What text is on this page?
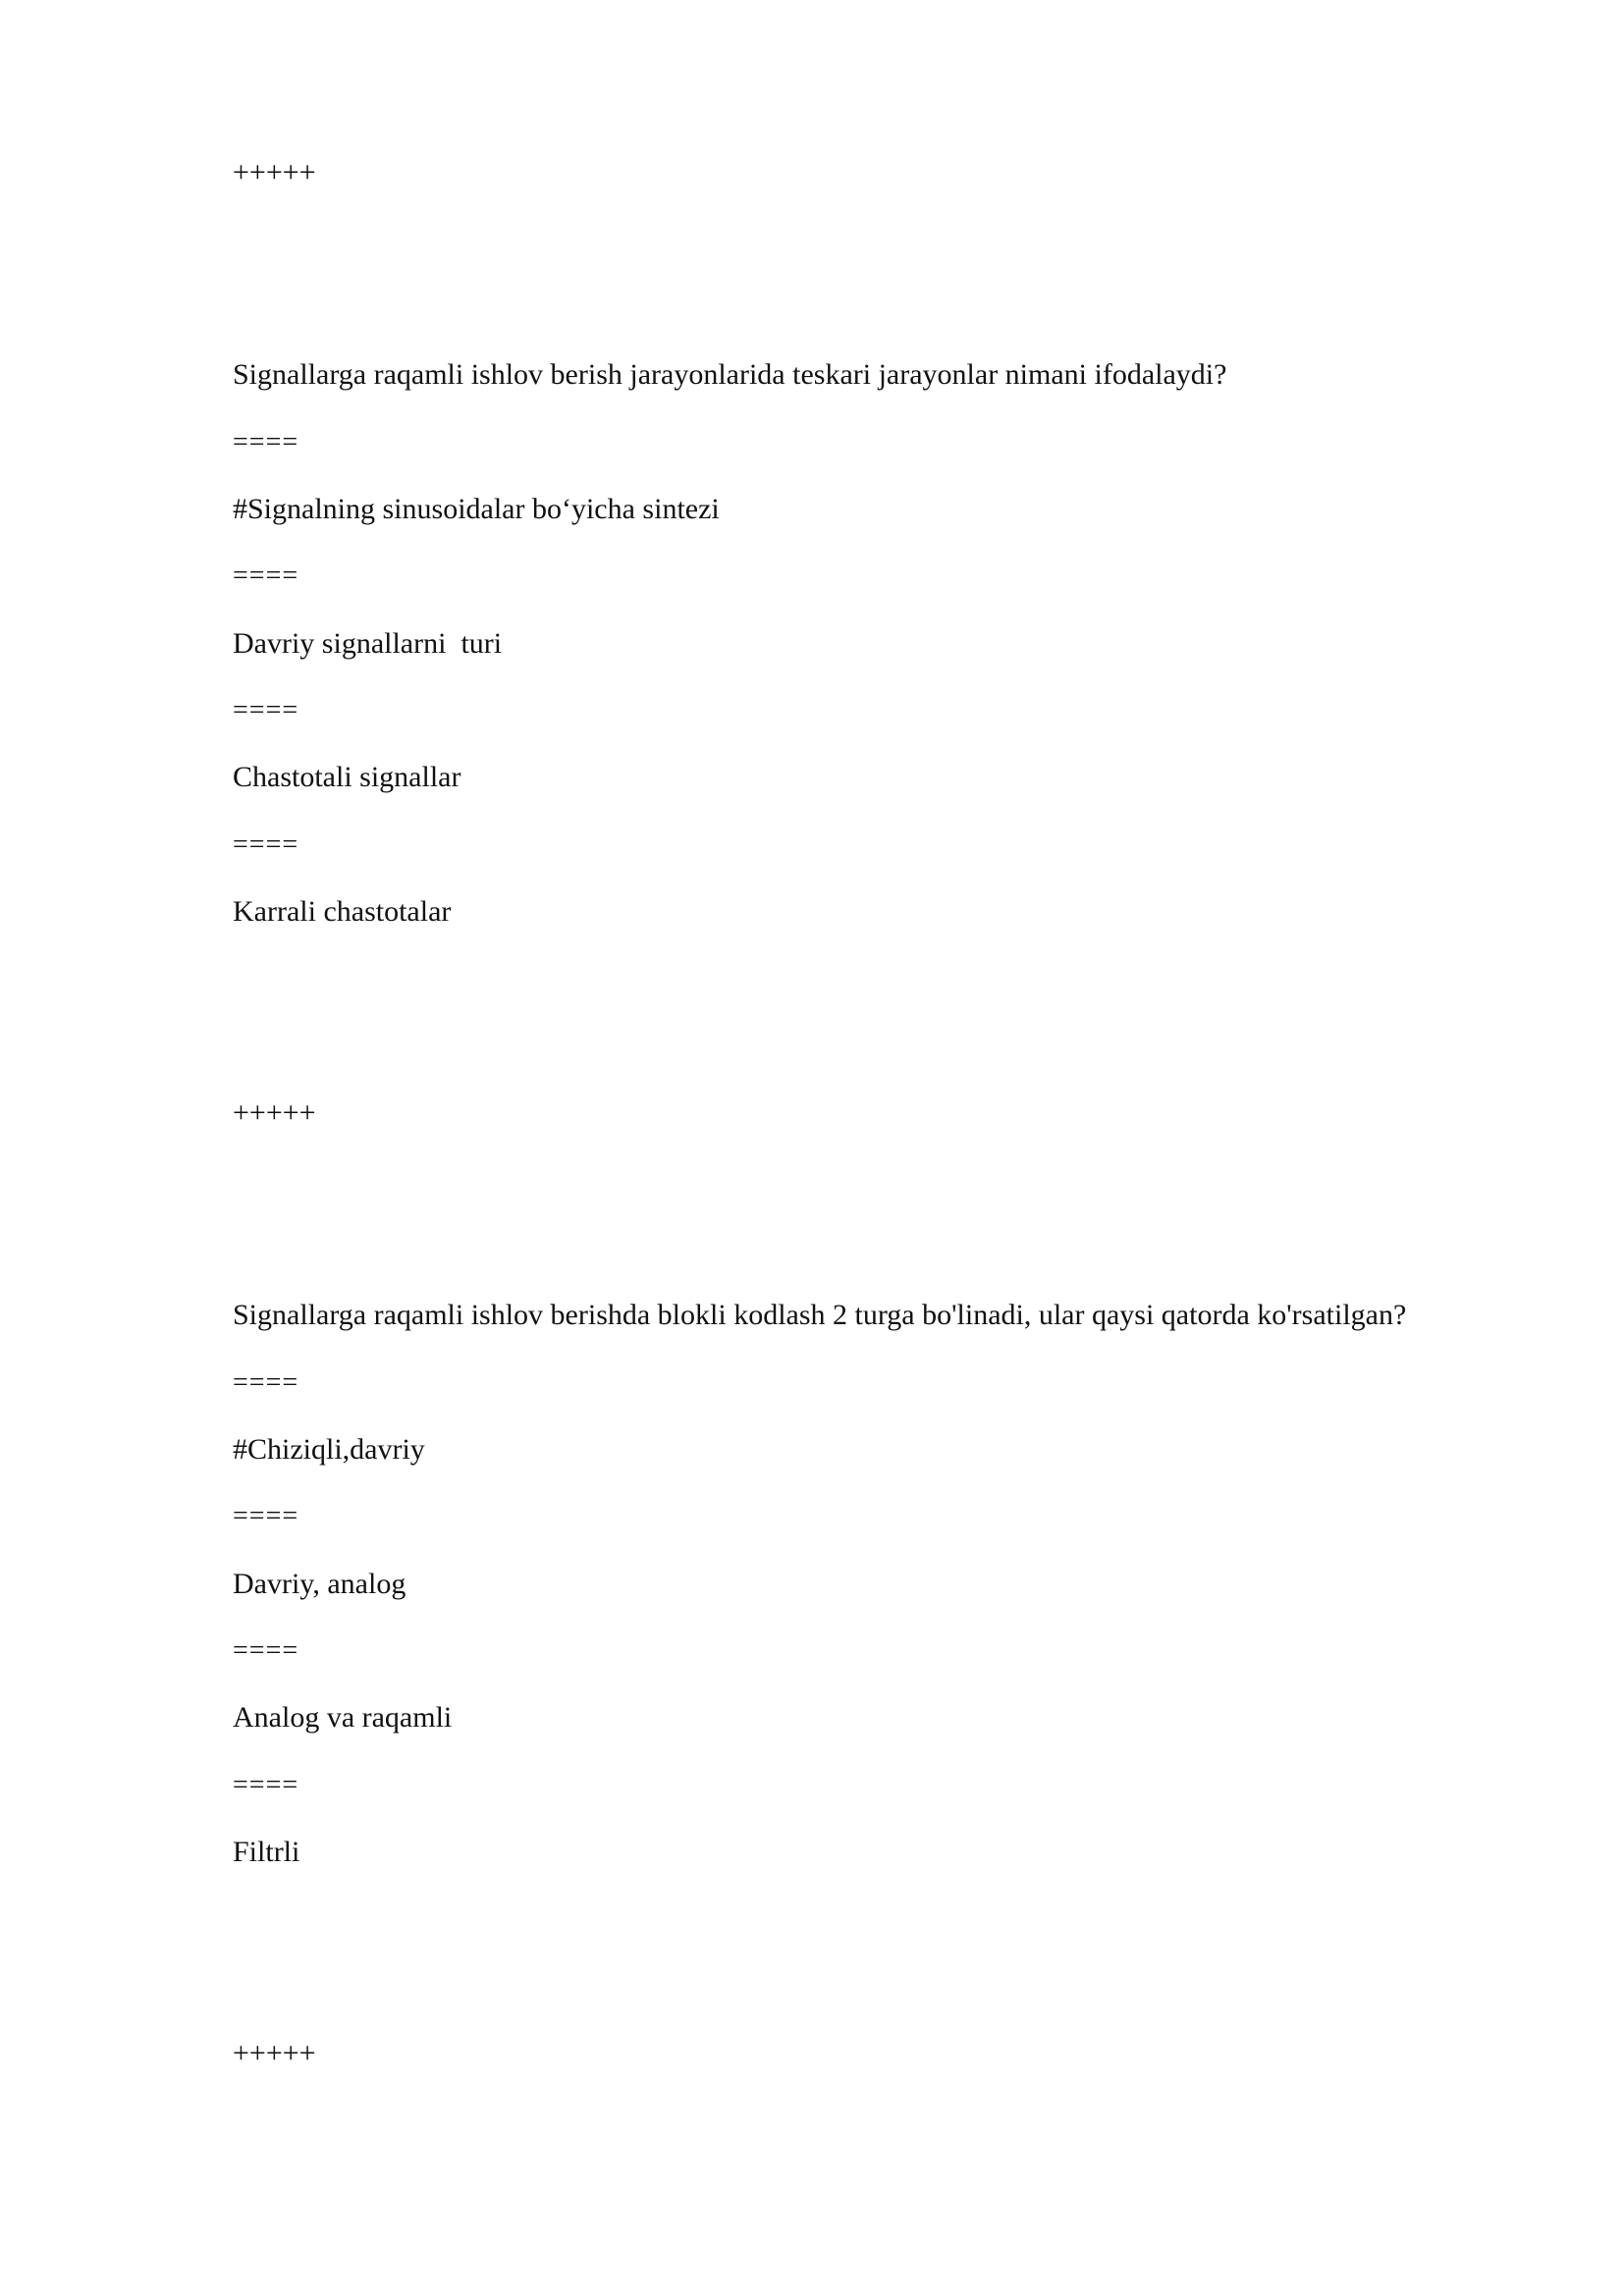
+++++

Signallarga raqamli ishlov berish jarayonlarida teskari jarayonlar nimani ifodalaydi?

====

#Signalning sinusoidalar bo‘yicha sintezi

====

Davriy signallarni  turi

====

Chastotali signallar

====

Karrali chastotalar

+++++

Signallarga raqamli ishlov berishda blokli kodlash 2 turga bo'linadi, ular qaysi qatorda ko'rsatilgan?

====

#Chiziqli,davriy

====

Davriy, analog

====

Analog va raqamli

====

Filtrli

+++++
